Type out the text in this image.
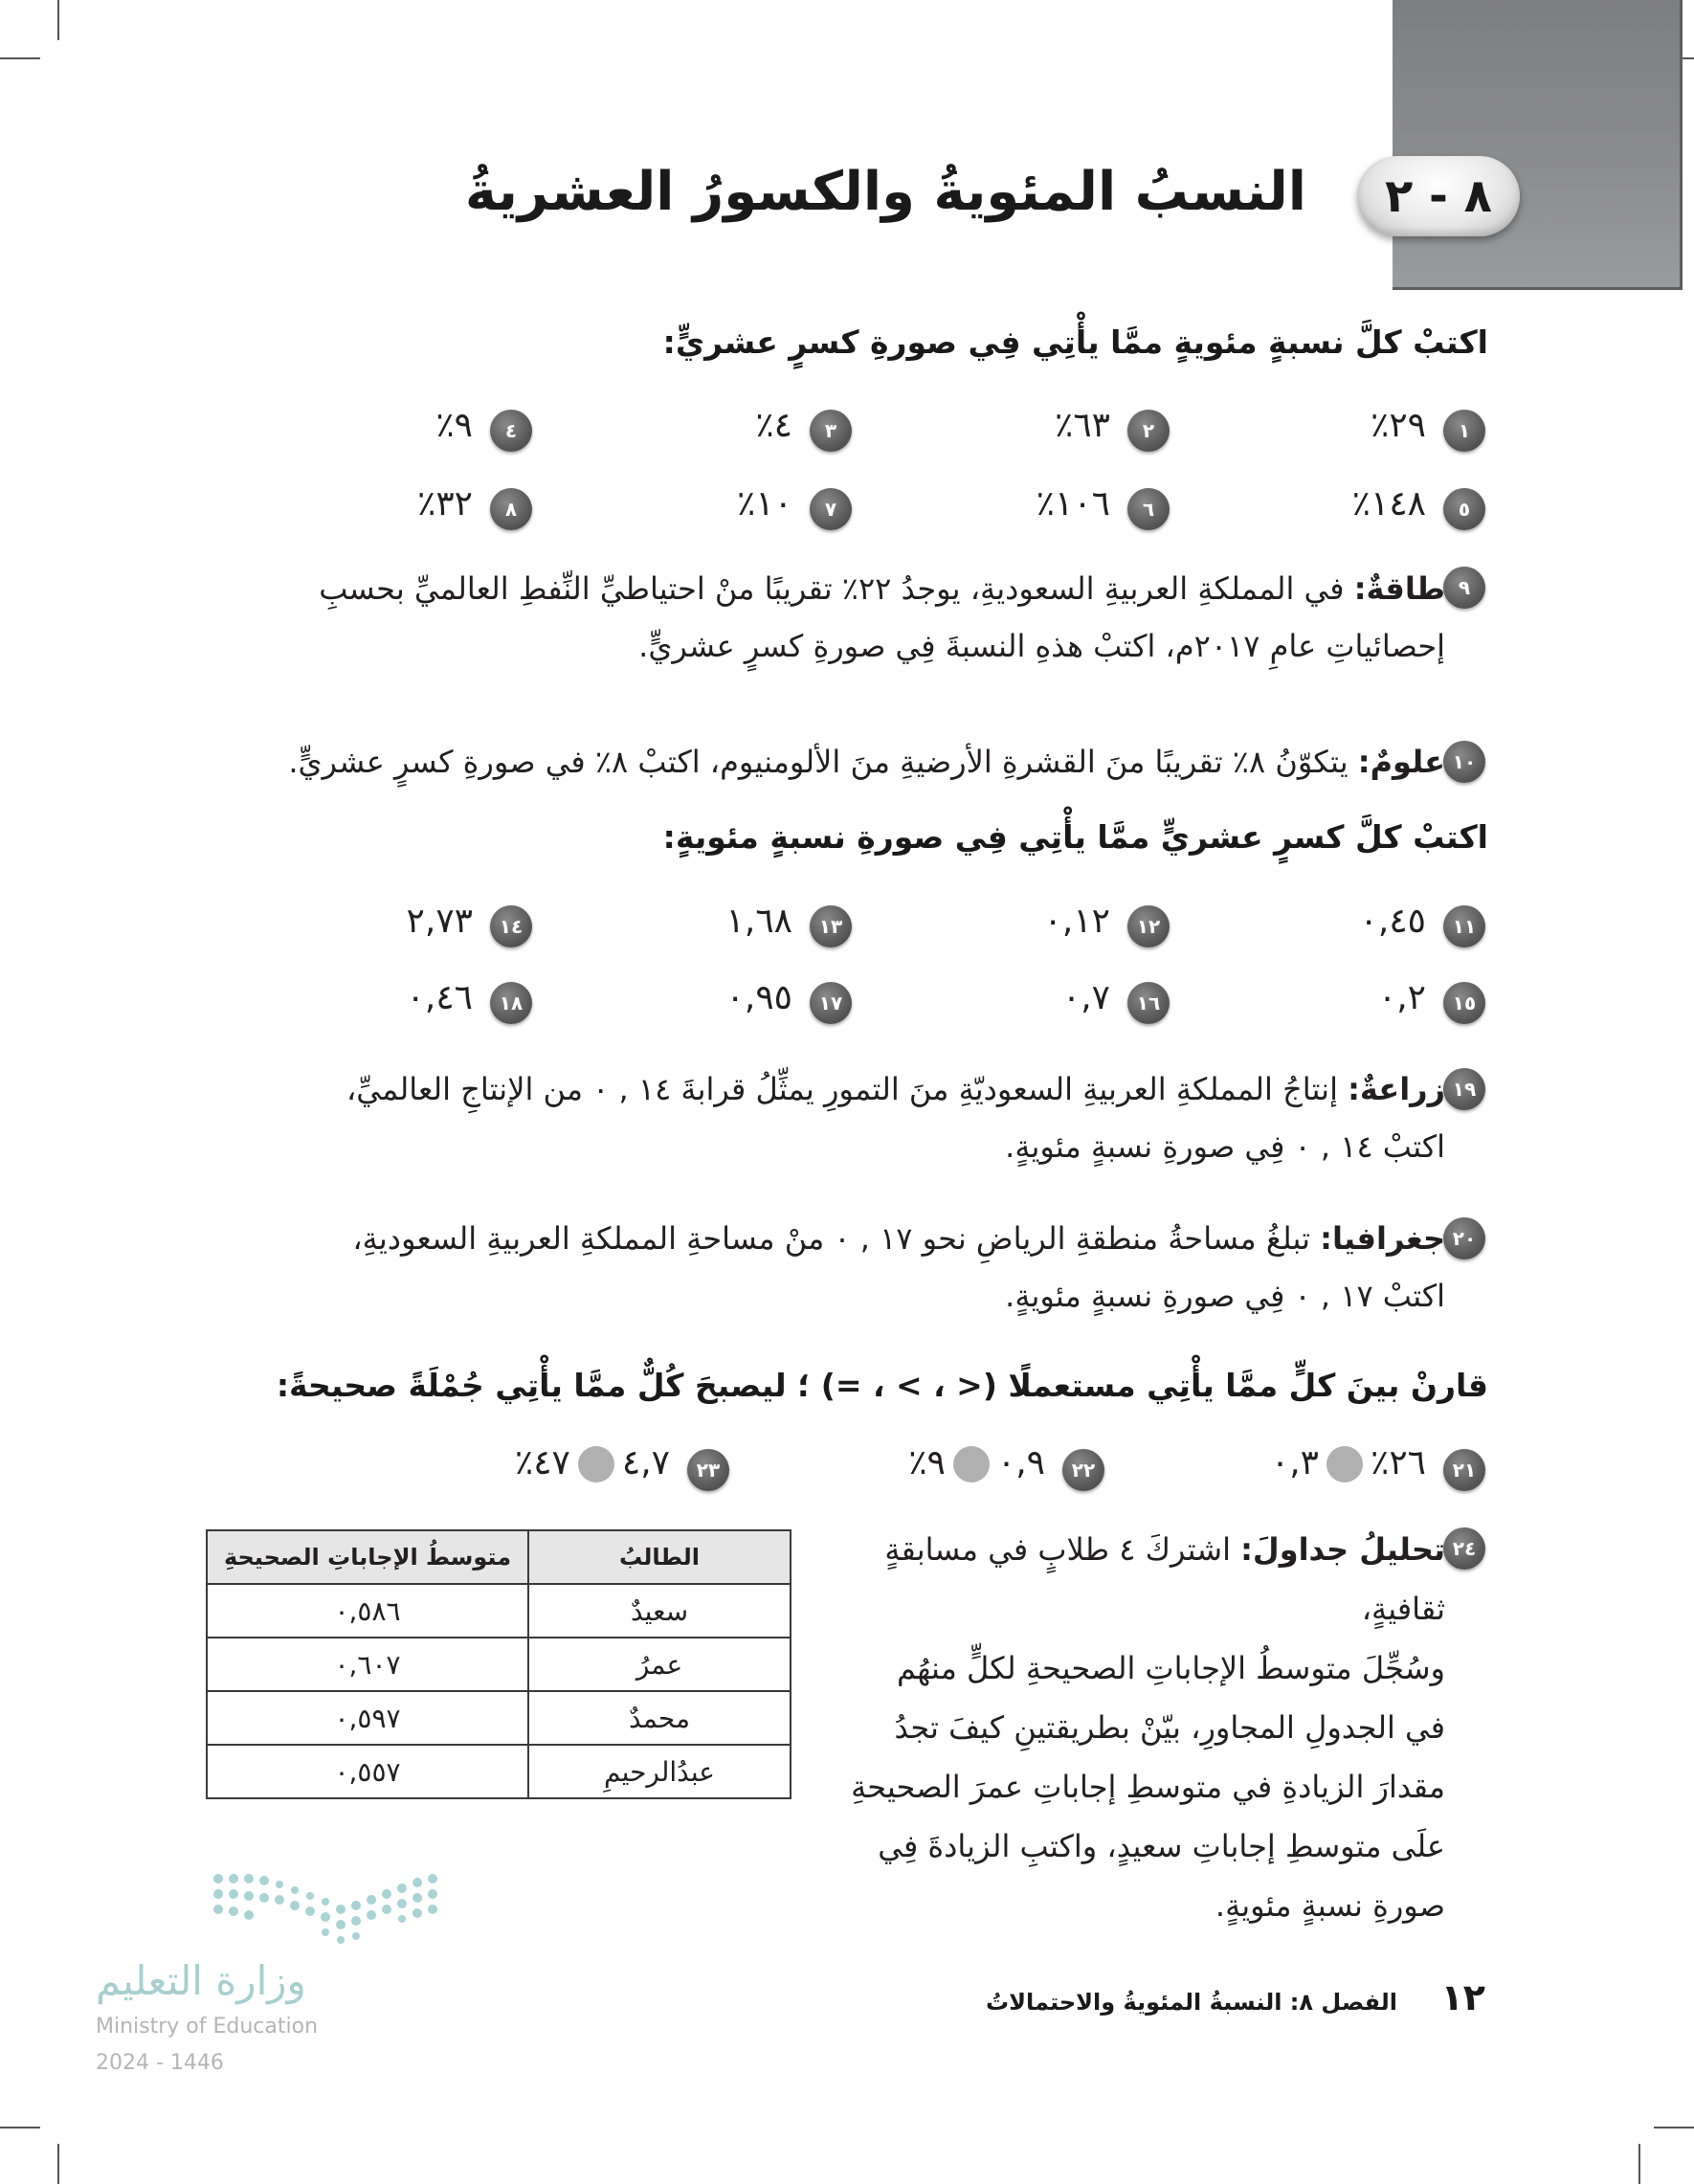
٨ - ٢
النسبُ المئويةُ والكسورُ العشريةُ
اكتبْ كلَّ نسبةٍ مئويةٍ ممَّا يأْتِي فِي صورةِ كسرٍ عشريٍّ:
١
٢٩٪
٢
٦٣٪
٣
٤٪
٤
٩٪
٥
١٤٨٪
٦
١٠٦٪
٧
١٠٪
٨
٣٢٪
٩
طاقةٌ: في المملكةِ العربيةِ السعوديةِ، يوجدُ ٢٢٪ تقريبًا منْ احتياطيِّ النِّفطِ العالميِّ بحسبِ
إحصائياتِ عامِ ٢٠١٧م، اكتبْ هذهِ النسبةَ فِي صورةِ كسرٍ عشريٍّ.
١٠
علومٌ: يتكوّنُ ٨٪ تقريبًا منَ القشرةِ الأرضيةِ منَ الألومنيوم، اكتبْ ٨٪ في صورةِ كسرٍ عشريٍّ.
اكتبْ كلَّ كسرٍ عشريٍّ ممَّا يأْتِي فِي صورةِ نسبةٍ مئويةٍ:
١١
٠,٤٥
١٢
٠,١٢
١٣
١,٦٨
١٤
٢,٧٣
١٥
٠,٢
١٦
٠,٧
١٧
٠,٩٥
١٨
٠,٤٦
١٩
زراعةٌ: إنتاجُ المملكةِ العربيةِ السعوديّةِ منَ التمورِ يمثِّلُ قرابةَ ١٤ , ٠ من الإنتاجِ العالميِّ،
اكتبْ ١٤ , ٠ فِي صورةِ نسبةٍ مئويةٍ.
٢٠
جغرافيا: تبلغُ مساحةُ منطقةِ الرياضِ نحو ١٧ , ٠ منْ مساحةِ المملكةِ العربيةِ السعوديةِ،
اكتبْ ١٧ , ٠ فِي صورةِ نسبةٍ مئويةٍ.
قارنْ بينَ كلٍّ ممَّا يأْتِي مستعملًا (< ، > ، =) ؛ ليصبحَ كُلٌّ ممَّا يأْتِي جُمْلَةً صحيحةً:
٢١
٢٦٪٠,٣
٢٢
٠,٩٩٪
٢٣
٤,٧٤٧٪
٢٤
تحليلُ جداولَ: اشتركَ ٤ طلابٍ في مسابقةٍ ثقافيةٍ،
وسُجِّلَ متوسطُ الإجاباتِ الصحيحةِ لكلٍّ منهُم
في الجدولِ المجاورِ، بيّنْ بطريقتينِ كيفَ تجدُ
مقدارَ الزيادةِ في متوسطِ إجاباتِ عمرَ الصحيحةِ
علَى متوسطِ إجاباتِ سعيدٍ، واكتبِ الزيادةَ فِي
صورةِ نسبةٍ مئويةٍ.
الطالبُ	متوسطُ الإجاباتِ الصحيحةِ
سعيدٌ	٠,٥٨٦
عمرُ	٠,٦٠٧
محمدٌ	٠,٥٩٧
عبدُالرحيمِ	٠,٥٥٧
وزارة التعليم
Ministry of Education
2024 - 1446
١٢
الفصل ٨: النسبةُ المئويةُ والاحتمالاتُ
